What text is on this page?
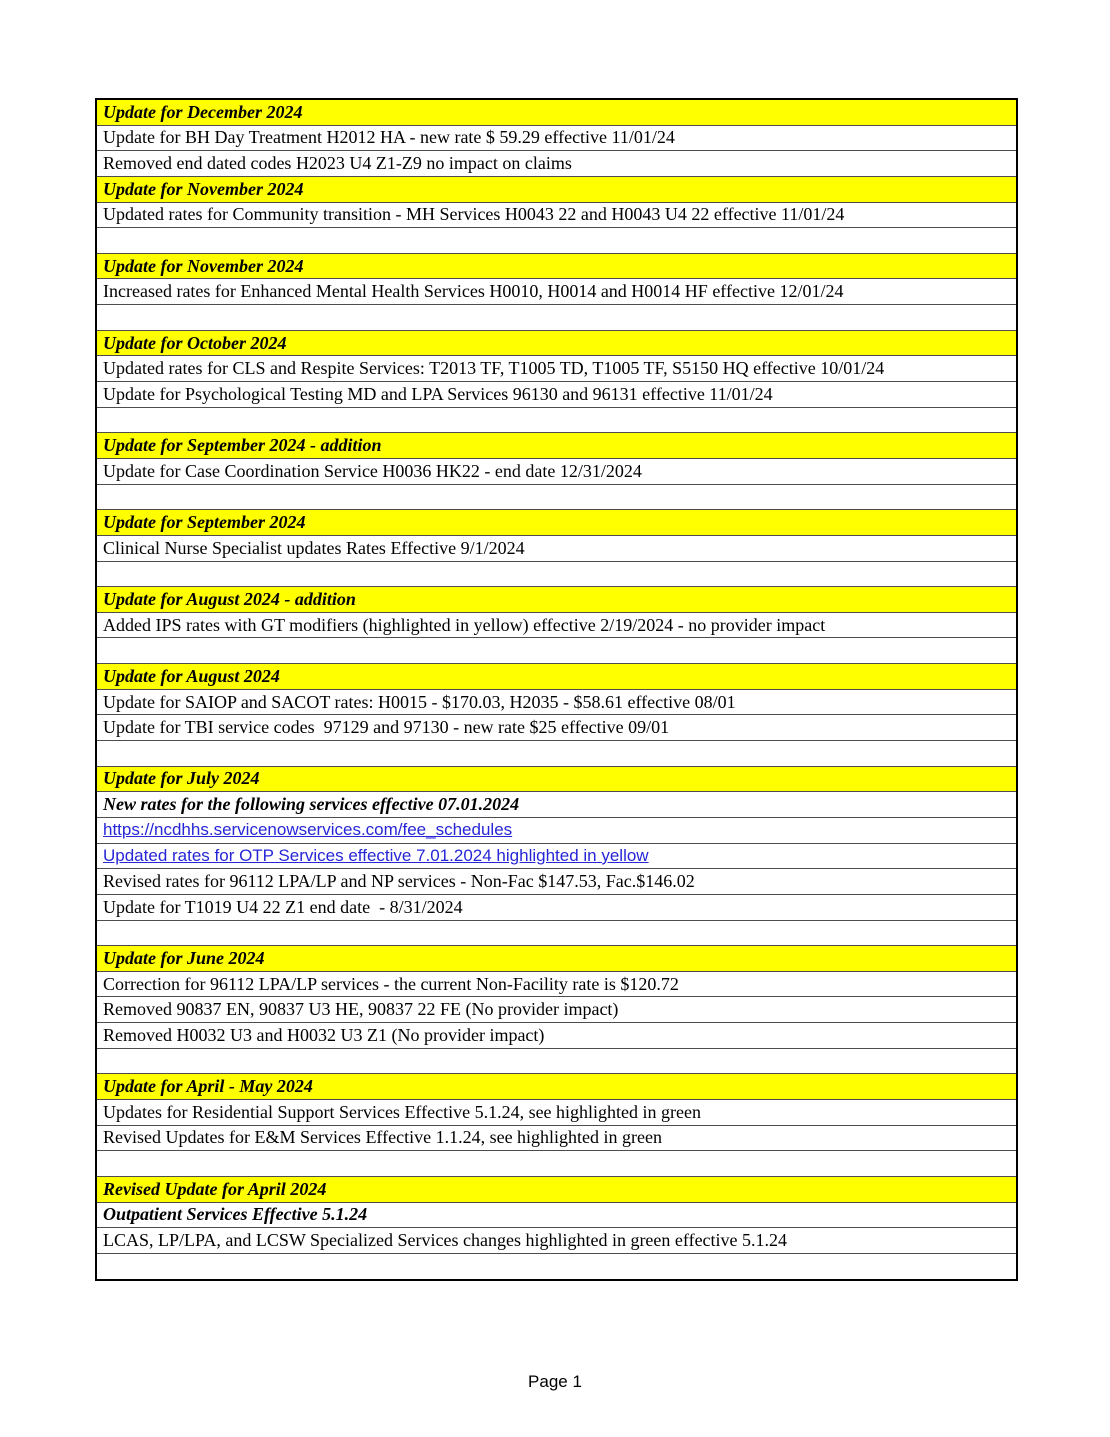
Update for December 2024
Update for BH Day Treatment H2012 HA - new rate $ 59.29 effective 11/01/24
Removed end dated codes H2023 U4 Z1-Z9 no impact on claims
Update for November 2024
Updated rates for Community transition - MH Services H0043 22 and H0043 U4 22 effective 11/01/24
Update for November 2024
Increased rates for Enhanced Mental Health Services H0010, H0014 and H0014 HF effective 12/01/24
Update for October 2024
Updated rates for CLS and Respite Services: T2013 TF, T1005 TD, T1005 TF, S5150 HQ effective 10/01/24
Update for Psychological Testing MD and LPA Services 96130 and 96131 effective 11/01/24
Update for September 2024 - addition
Update for Case Coordination Service H0036 HK22 - end date 12/31/2024
Update for September 2024
Clinical Nurse Specialist updates Rates Effective 9/1/2024
Update for August 2024 - addition
Added IPS rates with GT modifiers (highlighted in yellow) effective 2/19/2024 - no provider impact
Update for August 2024
Update for SAIOP and SACOT rates: H0015 - $170.03, H2035 - $58.61 effective 08/01
Update for TBI service codes  97129 and 97130 - new rate $25 effective 09/01
Update for July 2024
New rates for the following services effective 07.01.2024
https://ncdhhs.servicenowservices.com/fee_schedules
Updated rates for OTP Services effective 7.01.2024 highlighted in yellow
Revised rates for 96112 LPA/LP and NP services - Non-Fac $147.53, Fac.$146.02
Update for T1019 U4 22 Z1 end date  - 8/31/2024
Update for June 2024
Correction for 96112 LPA/LP services - the current Non-Facility rate is $120.72
Removed 90837 EN, 90837 U3 HE, 90837 22 FE (No provider impact)
Removed H0032 U3 and H0032 U3 Z1 (No provider impact)
Update for April - May 2024
Updates for Residential Support Services Effective 5.1.24, see highlighted in green
Revised Updates for E&M Services Effective 1.1.24, see highlighted in green
Revised Update for April 2024
Outpatient Services Effective 5.1.24
LCAS, LP/LPA, and LCSW Specialized Services changes highlighted in green effective 5.1.24
Page 1
